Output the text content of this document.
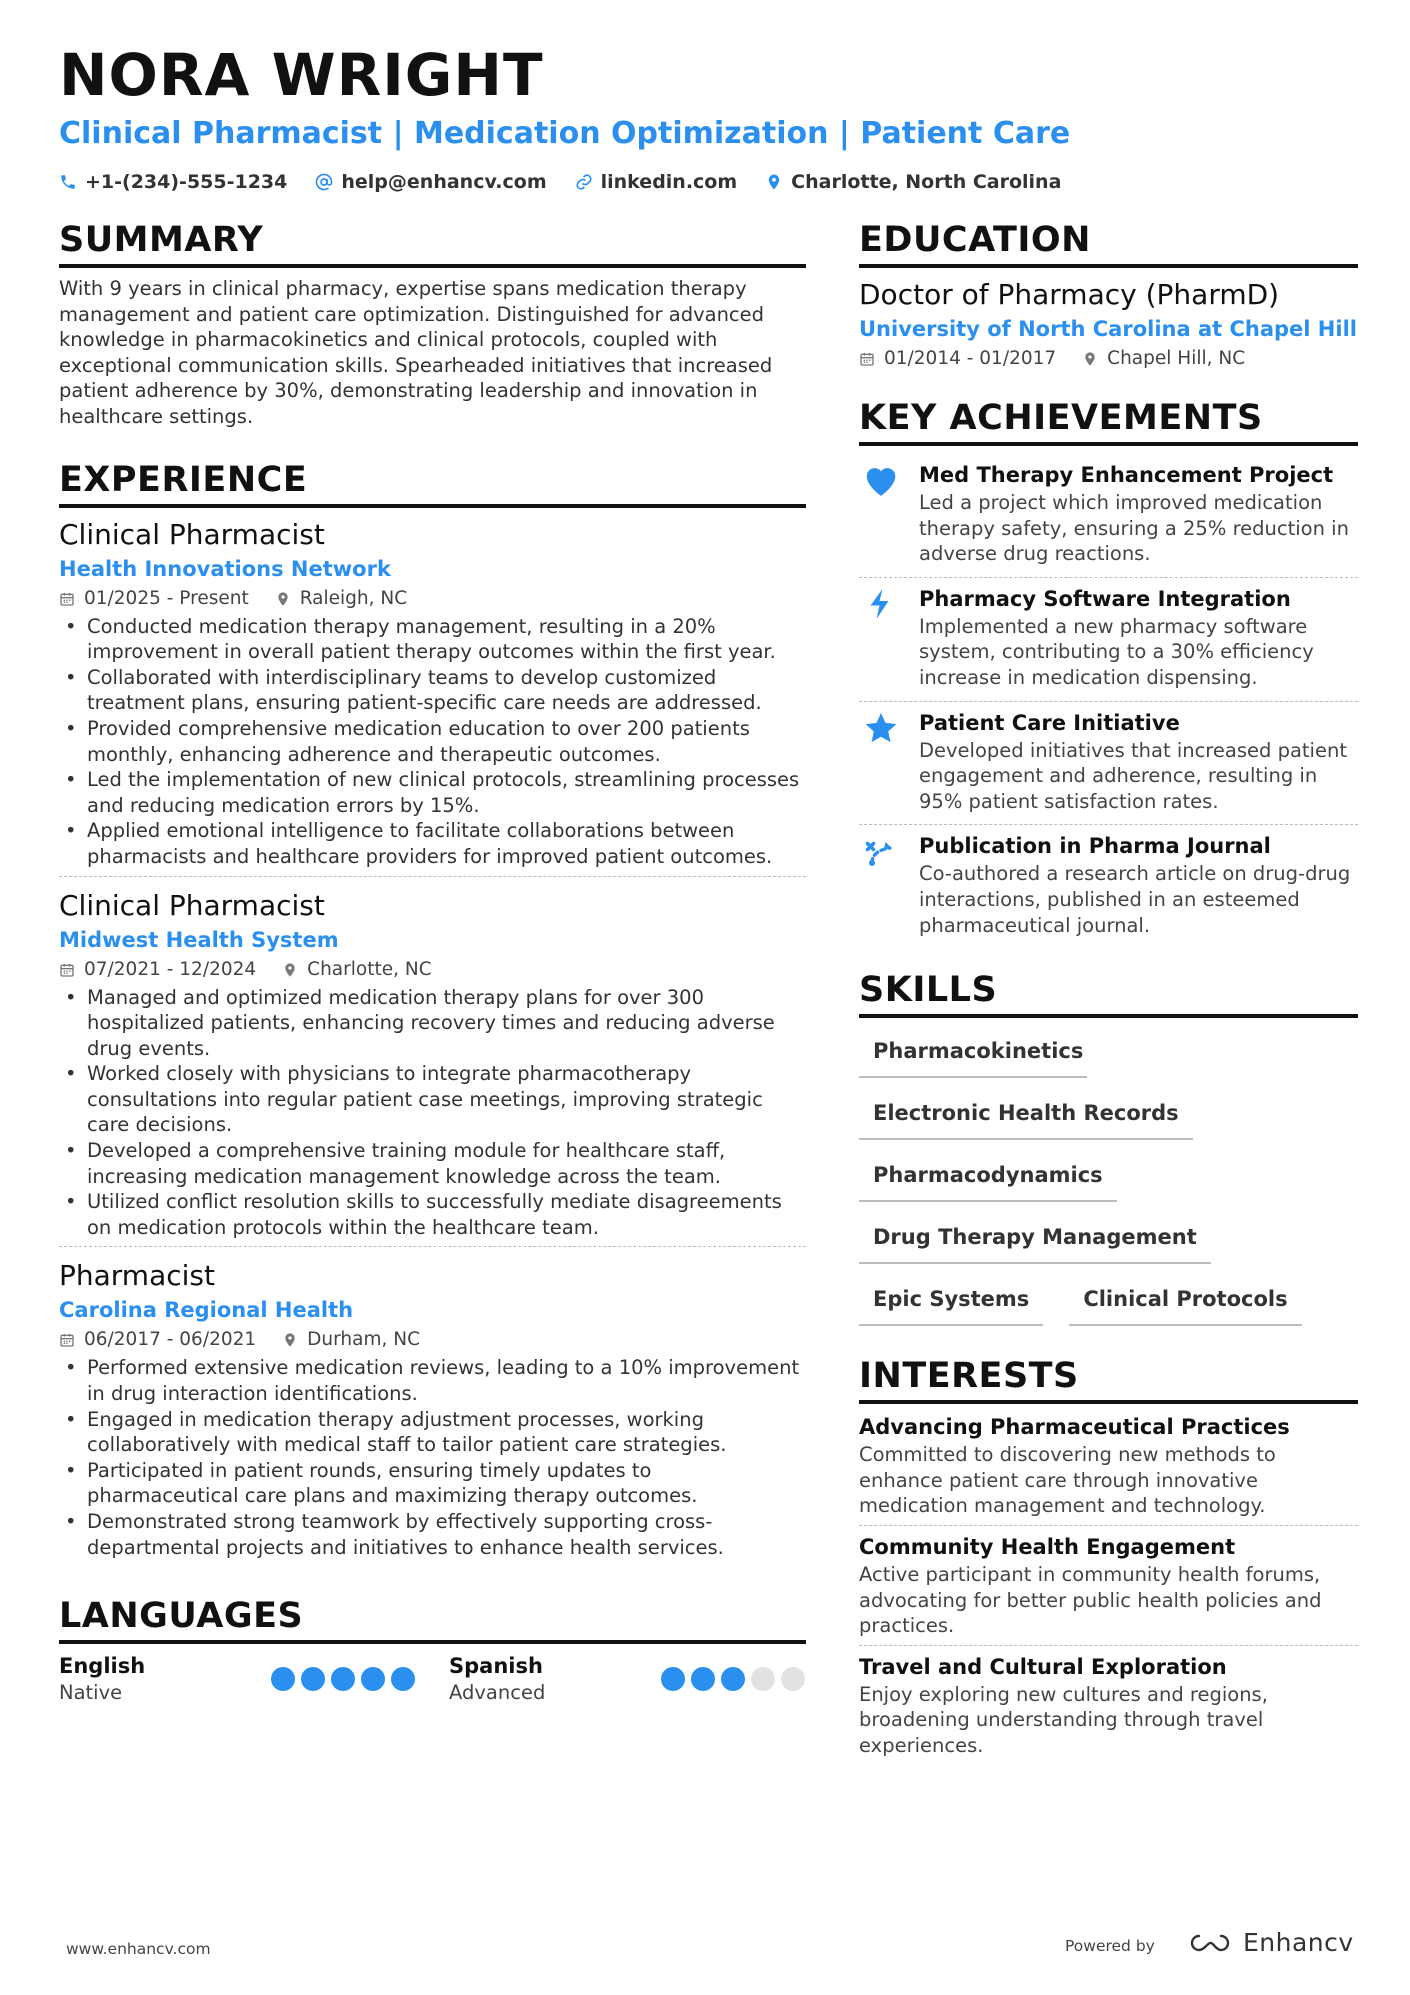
NORA WRIGHT
Clinical Pharmacist | Medication Optimization | Patient Care
+1-(234)-555-1234	help@enhancv.com	linkedin.com	Charlotte, North Carolina
SUMMARY
With 9 years in clinical pharmacy, expertise spans medication therapy management and patient care optimization. Distinguished for advanced knowledge in pharmacokinetics and clinical protocols, coupled with exceptional communication skills. Spearheaded initiatives that increased patient adherence by 30%, demonstrating leadership and innovation in healthcare settings.
EXPERIENCE
Clinical Pharmacist
Health Innovations Network
01/2025 - Present	Raleigh, NC
• Conducted medication therapy management, resulting in a 20% improvement in overall patient therapy outcomes within the first year.
• Collaborated with interdisciplinary teams to develop customized treatment plans, ensuring patient-specific care needs are addressed.
• Provided comprehensive medication education to over 200 patients monthly, enhancing adherence and therapeutic outcomes.
• Led the implementation of new clinical protocols, streamlining processes and reducing medication errors by 15%.
• Applied emotional intelligence to facilitate collaborations between pharmacists and healthcare providers for improved patient outcomes.
Clinical Pharmacist
Midwest Health System
07/2021 - 12/2024	Charlotte, NC
• Managed and optimized medication therapy plans for over 300 hospitalized patients, enhancing recovery times and reducing adverse drug events.
• Worked closely with physicians to integrate pharmacotherapy consultations into regular patient case meetings, improving strategic care decisions.
• Developed a comprehensive training module for healthcare staff, increasing medication management knowledge across the team.
• Utilized conflict resolution skills to successfully mediate disagreements on medication protocols within the healthcare team.
Pharmacist
Carolina Regional Health
06/2017 - 06/2021	Durham, NC
• Performed extensive medication reviews, leading to a 10% improvement in drug interaction identifications.
• Engaged in medication therapy adjustment processes, working collaboratively with medical staff to tailor patient care strategies.
• Participated in patient rounds, ensuring timely updates to pharmaceutical care plans and maximizing therapy outcomes.
• Demonstrated strong teamwork by effectively supporting cross-departmental projects and initiatives to enhance health services.
LANGUAGES
English
Native
Spanish
Advanced
EDUCATION
Doctor of Pharmacy (PharmD)
University of North Carolina at Chapel Hill
01/2014 - 01/2017	Chapel Hill, NC
KEY ACHIEVEMENTS
Med Therapy Enhancement Project
Led a project which improved medication therapy safety, ensuring a 25% reduction in adverse drug reactions.
Pharmacy Software Integration
Implemented a new pharmacy software system, contributing to a 30% efficiency increase in medication dispensing.
Patient Care Initiative
Developed initiatives that increased patient engagement and adherence, resulting in 95% patient satisfaction rates.
Publication in Pharma Journal
Co-authored a research article on drug-drug interactions, published in an esteemed pharmaceutical journal.
SKILLS
Pharmacokinetics
Electronic Health Records
Pharmacodynamics
Drug Therapy Management
Epic Systems	Clinical Protocols
INTERESTS
Advancing Pharmaceutical Practices
Committed to discovering new methods to enhance patient care through innovative medication management and technology.
Community Health Engagement
Active participant in community health forums, advocating for better public health policies and practices.
Travel and Cultural Exploration
Enjoy exploring new cultures and regions, broadening understanding through travel experiences.
www.enhancv.com	Powered by	Enhancv
